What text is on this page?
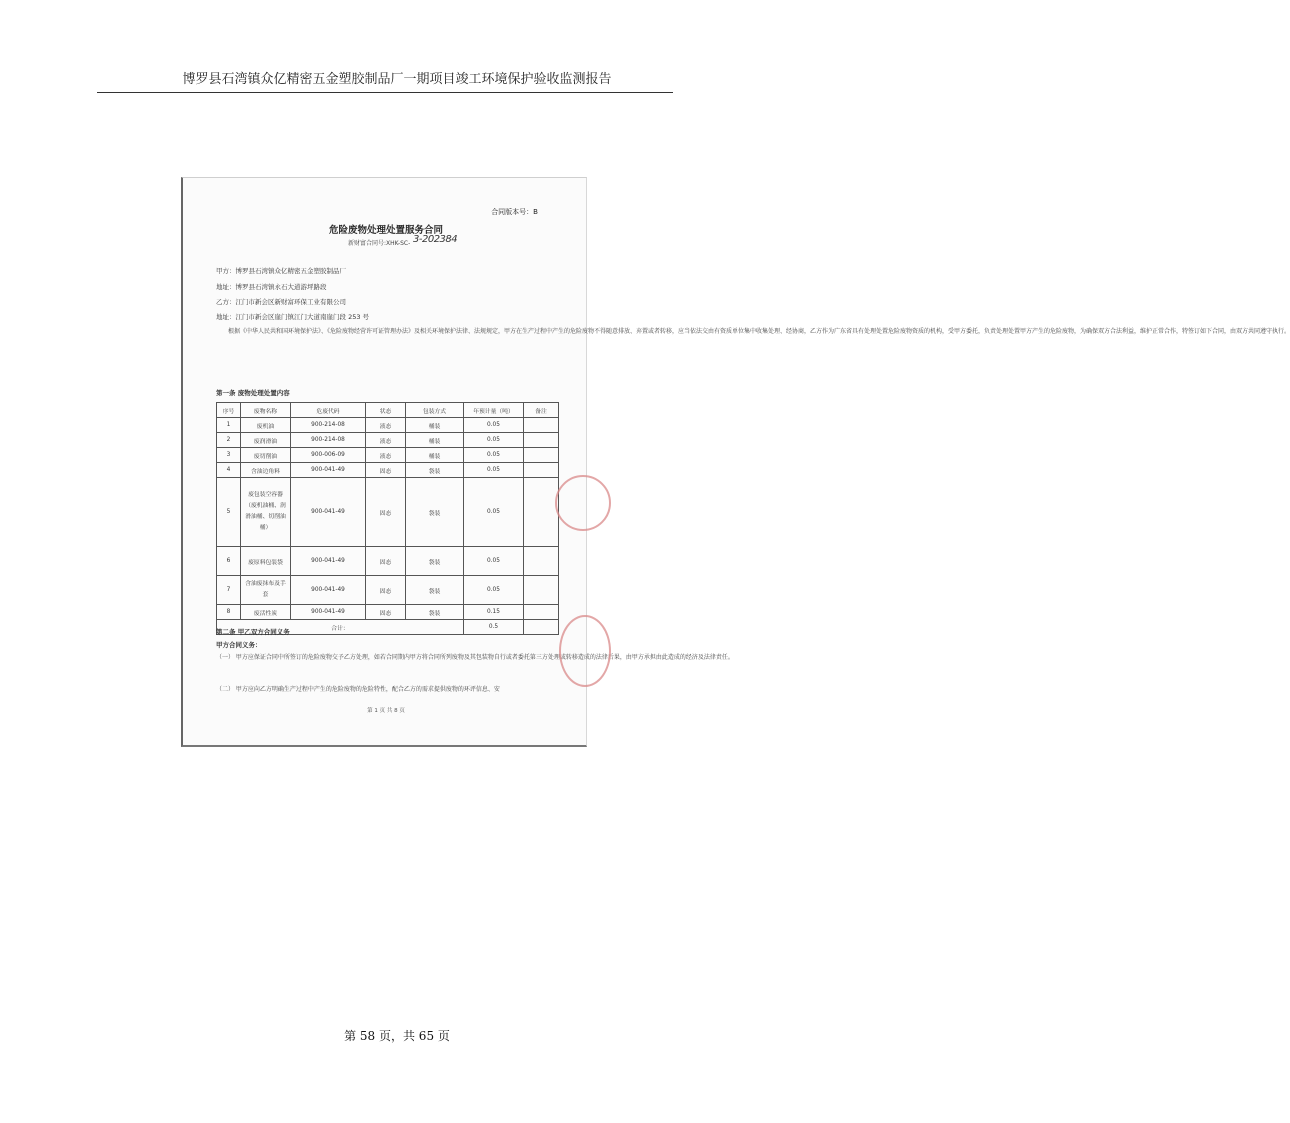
博罗县石湾镇众亿精密五金塑胶制品厂一期项目竣工环境保护验收监测报告
合同版本号：B
危险废物处理处置服务合同
新财富合同号:XHK-SC- 3-202384
甲方：博罗县石湾镇众亿精密五金塑胶制品厂
地址：博罗县石湾镇永石大道游坪路段
乙方：江门市新会区新财富环保工业有限公司
地址：江门市新会区崖门镇江门大道南崖门段 253 号
根据《中华人民共和国环境保护法》、《危险废物经营许可证管理办法》及相关环境保护法律、法规规定，甲方在生产过程中产生的危险废物不得随意排放、弃置或者转移，应当依法交由有资质单位集中收集处理、经协商，乙方作为广东省具有处理处置危险废物资质的机构，受甲方委托，负责处理处置甲方产生的危险废物，为确保双方合法利益，维护正常合作，特签订如下合同，由双方共同遵守执行。
第一条 废物处理处置内容
序号	废物名称	危废代码	状态	包装方式	年预计量（吨）	备注
1	废机油	900-214-08	液态	桶装	0.05	
2	废润滑油	900-214-08	液态	桶装	0.05	
3	废切削油	900-006-09	液态	桶装	0.05	
4	含油边角料	900-041-49	固态	袋装	0.05	
5	废包装空容器（废机油桶、润滑油桶、切削油桶）	900-041-49	固态	袋装	0.05	
6	废原料包装袋	900-041-49	固态	袋装	0.05	
7	含油废抹布及手套	900-041-49	固态	袋装	0.05	
8	废活性炭	900-041-49	固态	袋装	0.15	
合计：					0.5	
第二条 甲乙双方合同义务
甲方合同义务：
（一） 甲方应保证合同中所签订的危险废物交予乙方处理，如若合同期内甲方将合同所列废物及其包装物自行或者委托第三方处理或转移造成的法律后果，由甲方承担由此造成的经济及法律责任。
（二） 甲方应向乙方明确生产过程中产生的危险废物的危险特性，配合乙方的需求提供废物的环评信息、安
第 1 页 共 8 页
第 58 页，共 65 页
